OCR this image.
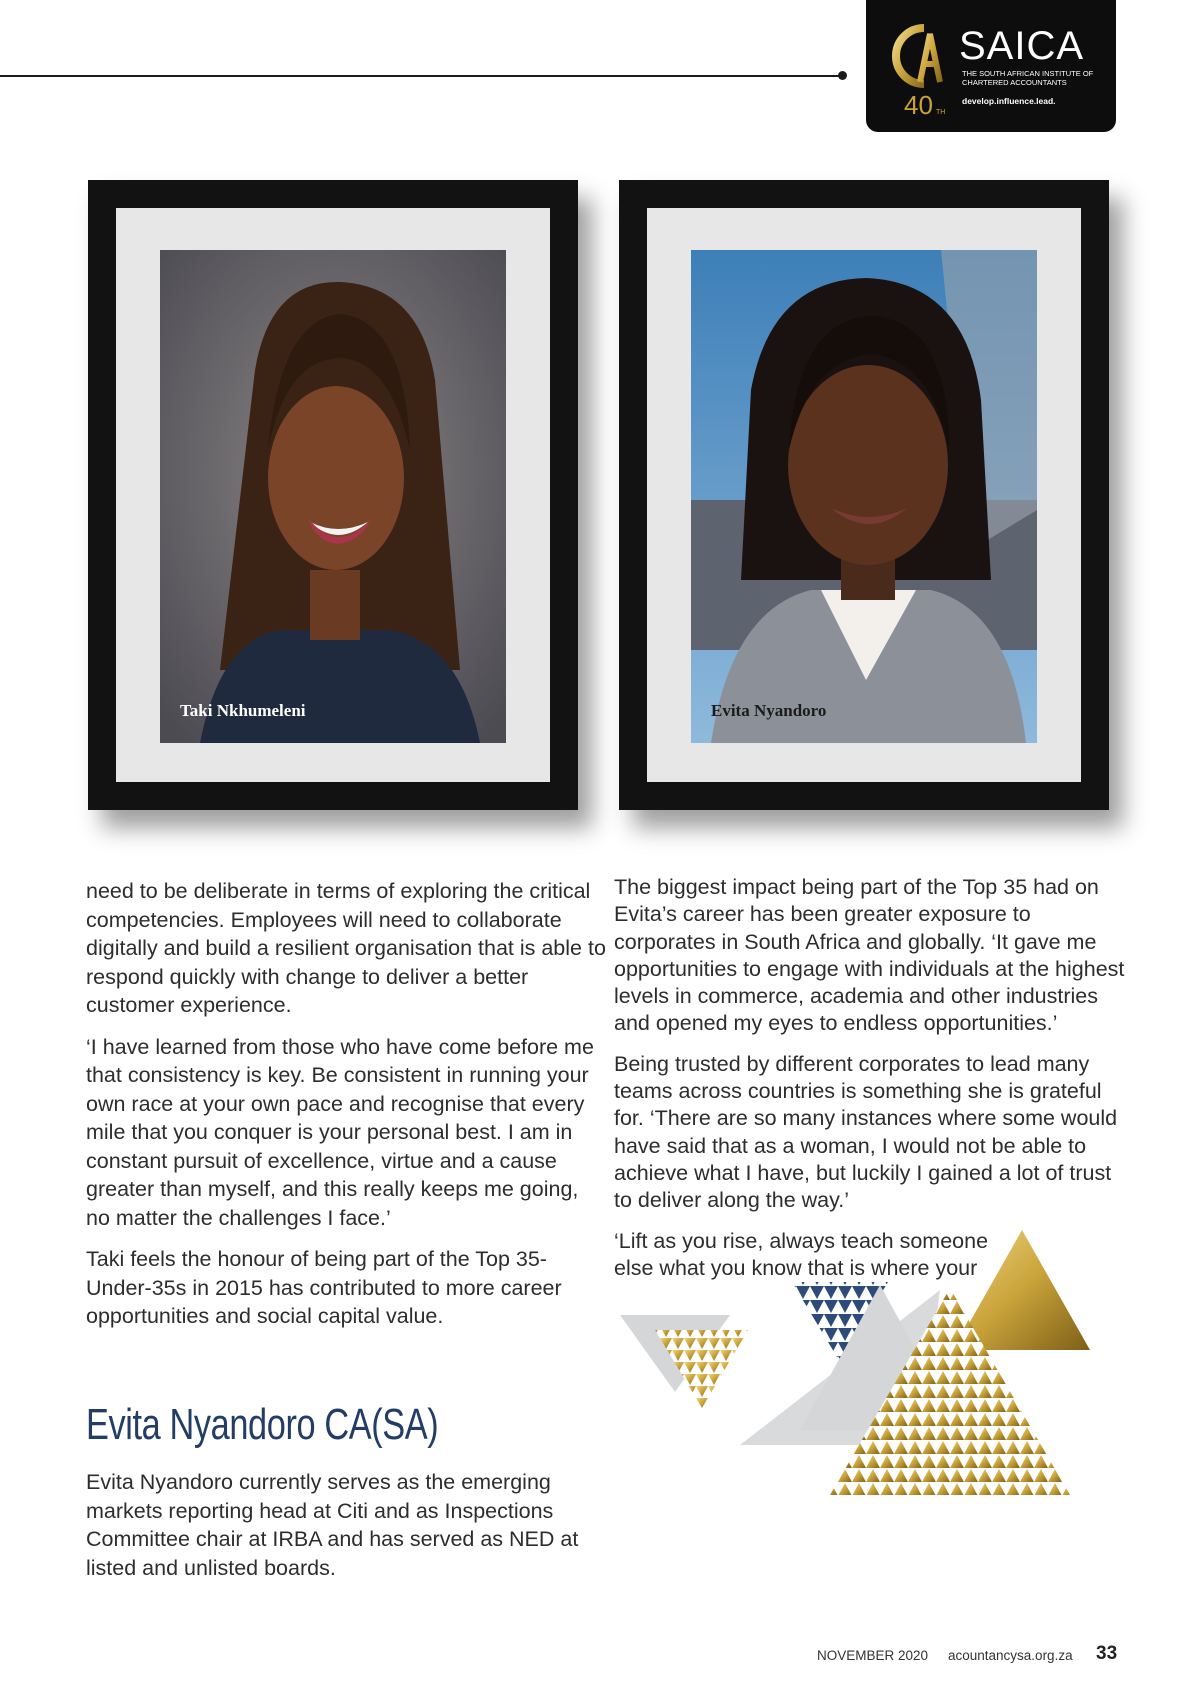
40 TH
SAICA
THE SOUTH AFRICAN INSTITUTE OF CHARTERED ACCOUNTANTS
develop.influence.lead.
Taki Nkhumeleni	Evita Nyandoro

need to be deliberate in terms of exploring the critical competencies. Employees will need to collaborate digitally and build a resilient organisation that is able to respond quickly with change to deliver a better customer experience.

‘I have learned from those who have come before me that consistency is key. Be consistent in running your own race at your own pace and recognise that every mile that you conquer is your personal best. I am in constant pursuit of excellence, virtue and a cause greater than myself, and this really keeps me going, no matter the challenges I face.’

Taki feels the honour of being part of the Top 35-Under-35s in 2015 has contributed to more career opportunities and social capital value.

The biggest impact being part of the Top 35 had on Evita’s career has been greater exposure to corporates in South Africa and globally. ‘It gave me opportunities to engage with individuals at the highest levels in commerce, academia and other industries and opened my eyes to endless opportunities.’

Being trusted by different corporates to lead many teams across countries is something she is grateful for. ‘There are so many instances where some would have said that as a woman, I would not be able to achieve what I have, but luckily I gained a lot of trust to deliver along the way.’

‘Lift as you rise, always teach someone else what you know that is where your

Evita Nyandoro CA(SA)

Evita Nyandoro currently serves as the emerging markets reporting head at Citi and as Inspections Committee chair at IRBA and has served as NED at listed and unlisted boards.

NOVEMBER 2020 acountancysa.org.za 33
